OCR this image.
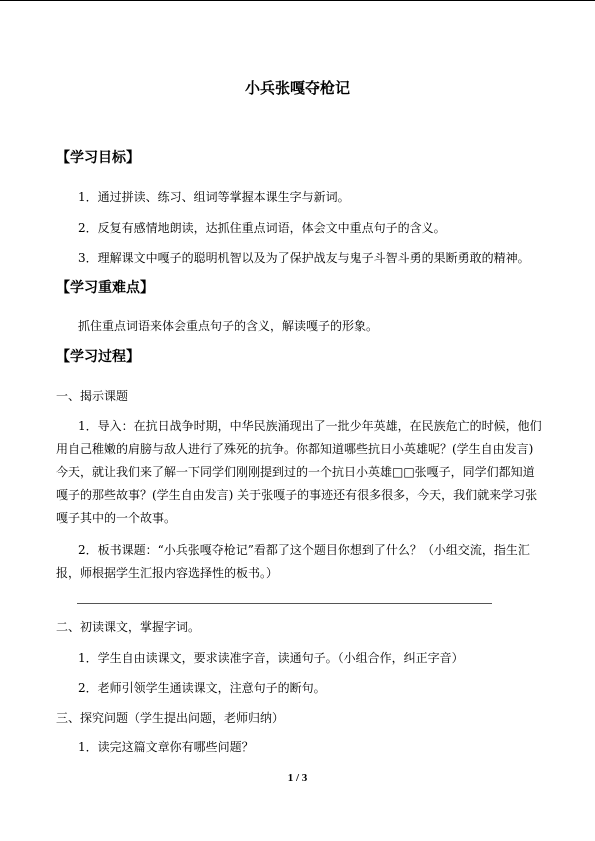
小兵张嘎夺枪记
【学习目标】
1．通过拼读、练习、组词等掌握本课生字与新词。
2．反复有感情地朗读，达抓住重点词语，体会文中重点句子的含义。
3．理解课文中嘎子的聪明机智以及为了保护战友与鬼子斗智斗勇的果断勇敢的精神。
【学习重难点】
抓住重点词语来体会重点句子的含义，解读嘎子的形象。
【学习过程】
一、揭示课题
1．导入：在抗日战争时期，中华民族涌现出了一批少年英雄，在民族危亡的时候，他们
用自己稚嫩的肩膀与敌人进行了殊死的抗争。你都知道哪些抗日小英雄呢？(学生自由发言)
今天，就让我们来了解一下同学们刚刚提到过的一个抗日小英雄□□张嘎子，同学们都知道
嘎子的那些故事？(学生自由发言) 关于张嘎子的事迹还有很多很多，今天，我们就来学习张
嘎子其中的一个故事。
2．板书课题：“小兵张嘎夺枪记”看都了这个题目你想到了什么？（小组交流，指生汇
报，师根据学生汇报内容选择性的板书。）
二、初读课文，掌握字词。
1．学生自由读课文，要求读准字音，读通句子。（小组合作，纠正字音）
2．老师引领学生通读课文，注意句子的断句。
三、探究问题（学生提出问题，老师归纳）
1．读完这篇文章你有哪些问题？
1 / 3
